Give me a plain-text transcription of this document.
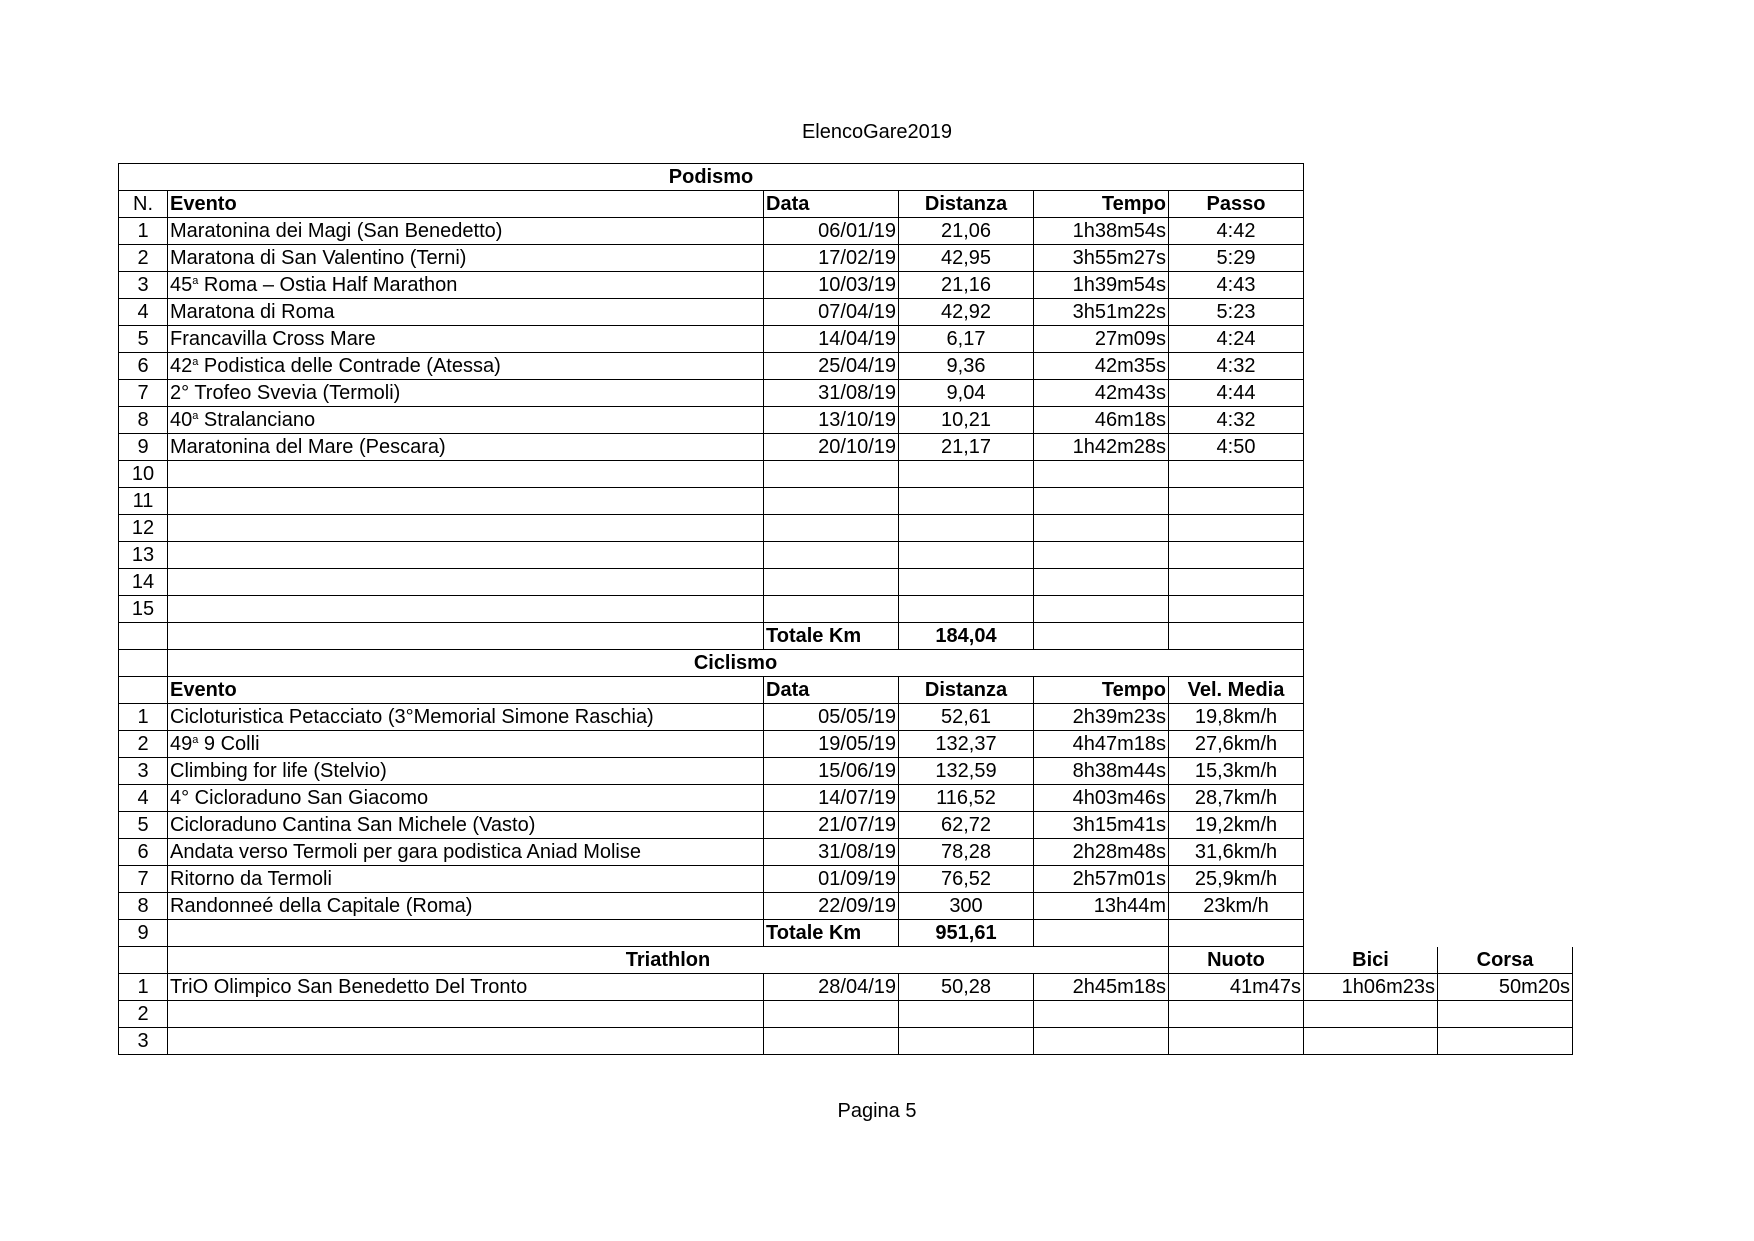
ElencoGare2019
Podismo							
N.	Evento	Data	Distanza	Tempo	Passo		
1	Maratonina dei Magi (San Benedetto)	06/01/19	21,06	1h38m54s	4:42		
2	Maratona di San Valentino (Terni)	17/02/19	42,95	3h55m27s	5:29		
3	45$^a$ Roma – Ostia Half Marathon	10/03/19	21,16	1h39m54s	4:43		
4	Maratona di Roma	07/04/19	42,92	3h51m22s	5:23		
5	Francavilla Cross Mare	14/04/19	6,17	27m09s	4:24		
6	42$^a$ Podistica delle Contrade (Atessa)	25/04/19	9,36	42m35s	4:32		
7	2° Trofeo Svevia (Termoli)	31/08/19	9,04	42m43s	4:44		
8	40$^a$ Stralanciano	13/10/19	10,21	46m18s	4:32		
9	Maratonina del Mare (Pescara)	20/10/19	21,17	1h42m28s	4:50		
10							
11							
12							
13							
14							
15							
		Totale Km	184,04				
	Ciclismo						
	Evento	Data	Distanza	Tempo	Vel. Media		
1	Cicloturistica Petacciato (3°Memorial Simone Raschia)	05/05/19	52,61	2h39m23s	19,8km/h		
2	49$^a$ 9 Colli	19/05/19	132,37	4h47m18s	27,6km/h		
3	Climbing for life (Stelvio)	15/06/19	132,59	8h38m44s	15,3km/h		
4	4° Cicloraduno San Giacomo	14/07/19	116,52	4h03m46s	28,7km/h		
5	Cicloraduno Cantina San Michele (Vasto)	21/07/19	62,72	3h15m41s	19,2km/h		
6	Andata verso Termoli per gara podistica Aniad Molise	31/08/19	78,28	2h28m48s	31,6km/h		
7	Ritorno da Termoli	01/09/19	76,52	2h57m01s	25,9km/h		
8	Randonneé della Capitale (Roma)	22/09/19	300	13h44m	23km/h		
9		Totale Km	951,61				
	Triathlon				Nuoto	Bici	Corsa
1	TriO Olimpico San Benedetto Del Tronto	28/04/19	50,28	2h45m18s	41m47s	1h06m23s	50m20s
2							
3							
Pagina 5
